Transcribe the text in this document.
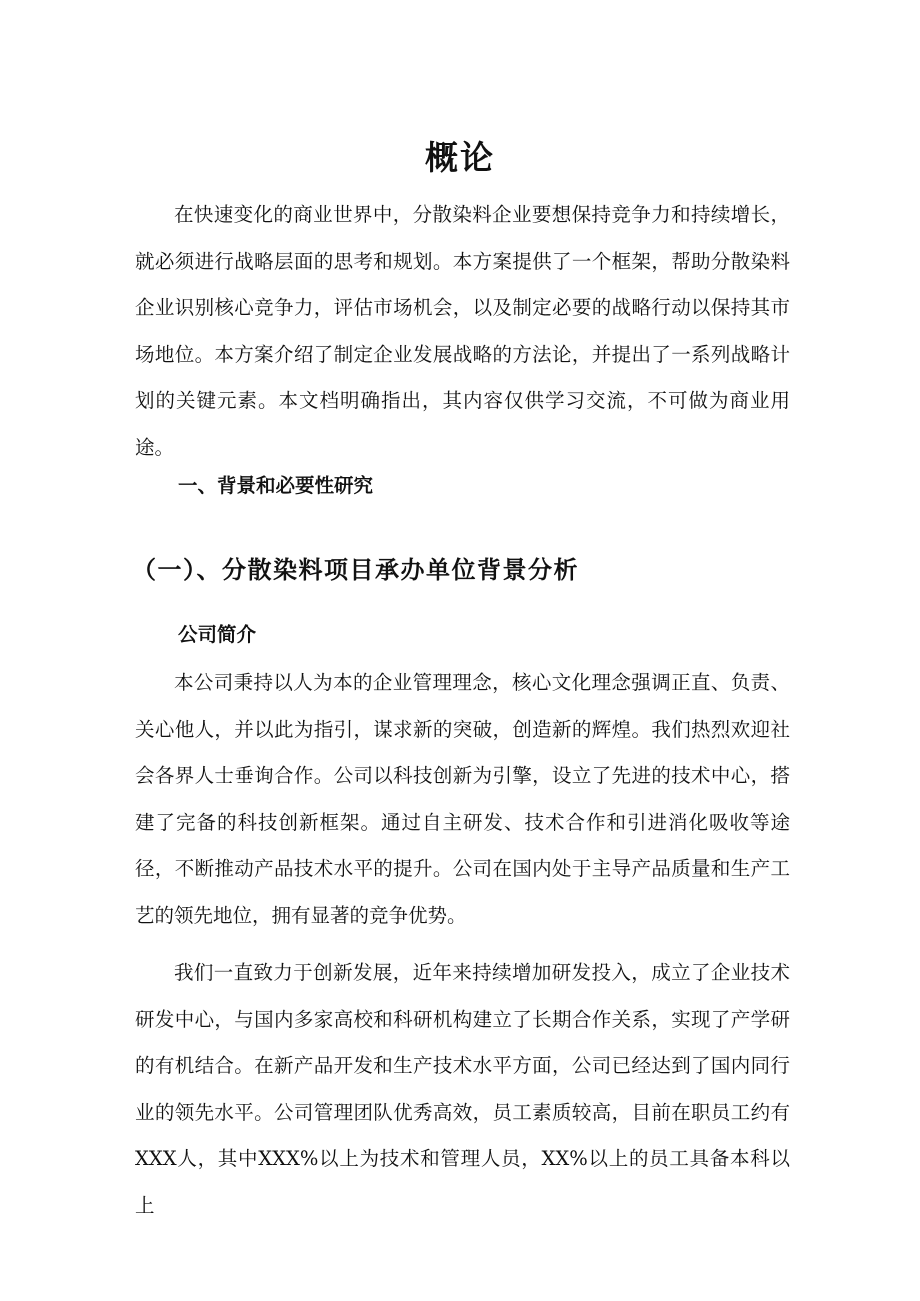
概论

在快速变化的商业世界中，分散染料企业要想保持竞争力和持续增长，就必须进行战略层面的思考和规划。本方案提供了一个框架，帮助分散染料企业识别核心竞争力，评估市场机会，以及制定必要的战略行动以保持其市场地位。本方案介绍了制定企业发展战略的方法论，并提出了一系列战略计划的关键元素。本文档明确指出，其内容仅供学习交流，不可做为商业用途。

一、背景和必要性研究
（一）、分散染料项目承办单位背景分析
公司简介

本公司秉持以人为本的企业管理理念，核心文化理念强调正直、负责、关心他人，并以此为指引，谋求新的突破，创造新的辉煌。我们热烈欢迎社会各界人士垂询合作。公司以科技创新为引擎，设立了先进的技术中心，搭建了完备的科技创新框架。通过自主研发、技术合作和引进消化吸收等途径，不断推动产品技术水平的提升。公司在国内处于主导产品质量和生产工艺的领先地位，拥有显著的竞争优势。

我们一直致力于创新发展，近年来持续增加研发投入，成立了企业技术研发中心，与国内多家高校和科研机构建立了长期合作关系，实现了产学研的有机结合。在新产品开发和生产技术水平方面，公司已经达到了国内同行业的领先水平。公司管理团队优秀高效，员工素质较高，目前在职员工约有XXX人，其中XXX%以上为技术和管理人员，XX%以上的员工具备本科以上
